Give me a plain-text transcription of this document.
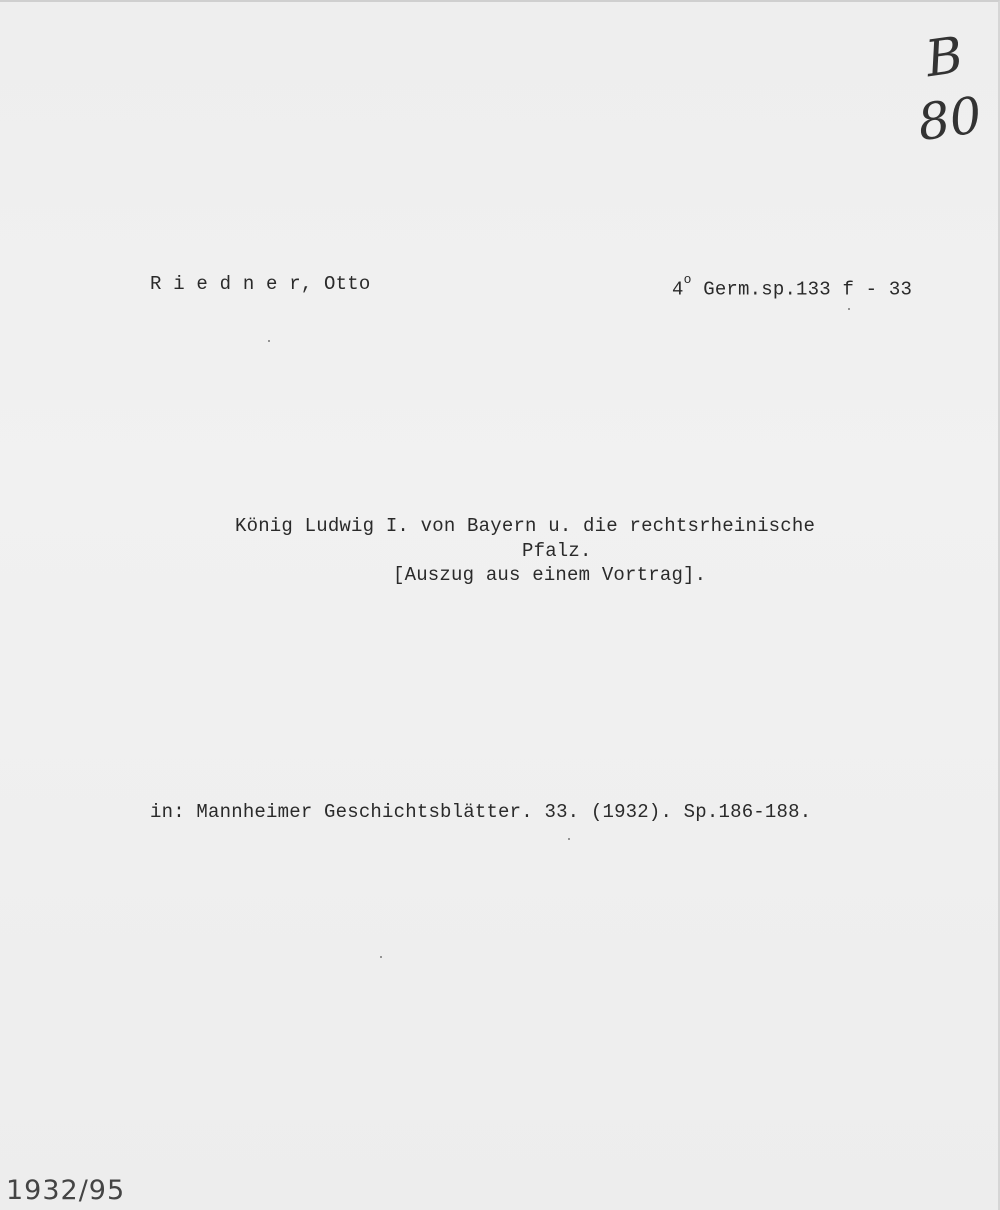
B
80
R i e d n e r, Otto	4$^o$ Germ.sp.133 f - 33
König Ludwig I. von Bayern u. die rechtsrheinische
Pfalz.
[Auszug aus einem Vortrag].
in: Mannheimer Geschichtsblätter. 33. (1932). Sp.186-188.
1932/95
